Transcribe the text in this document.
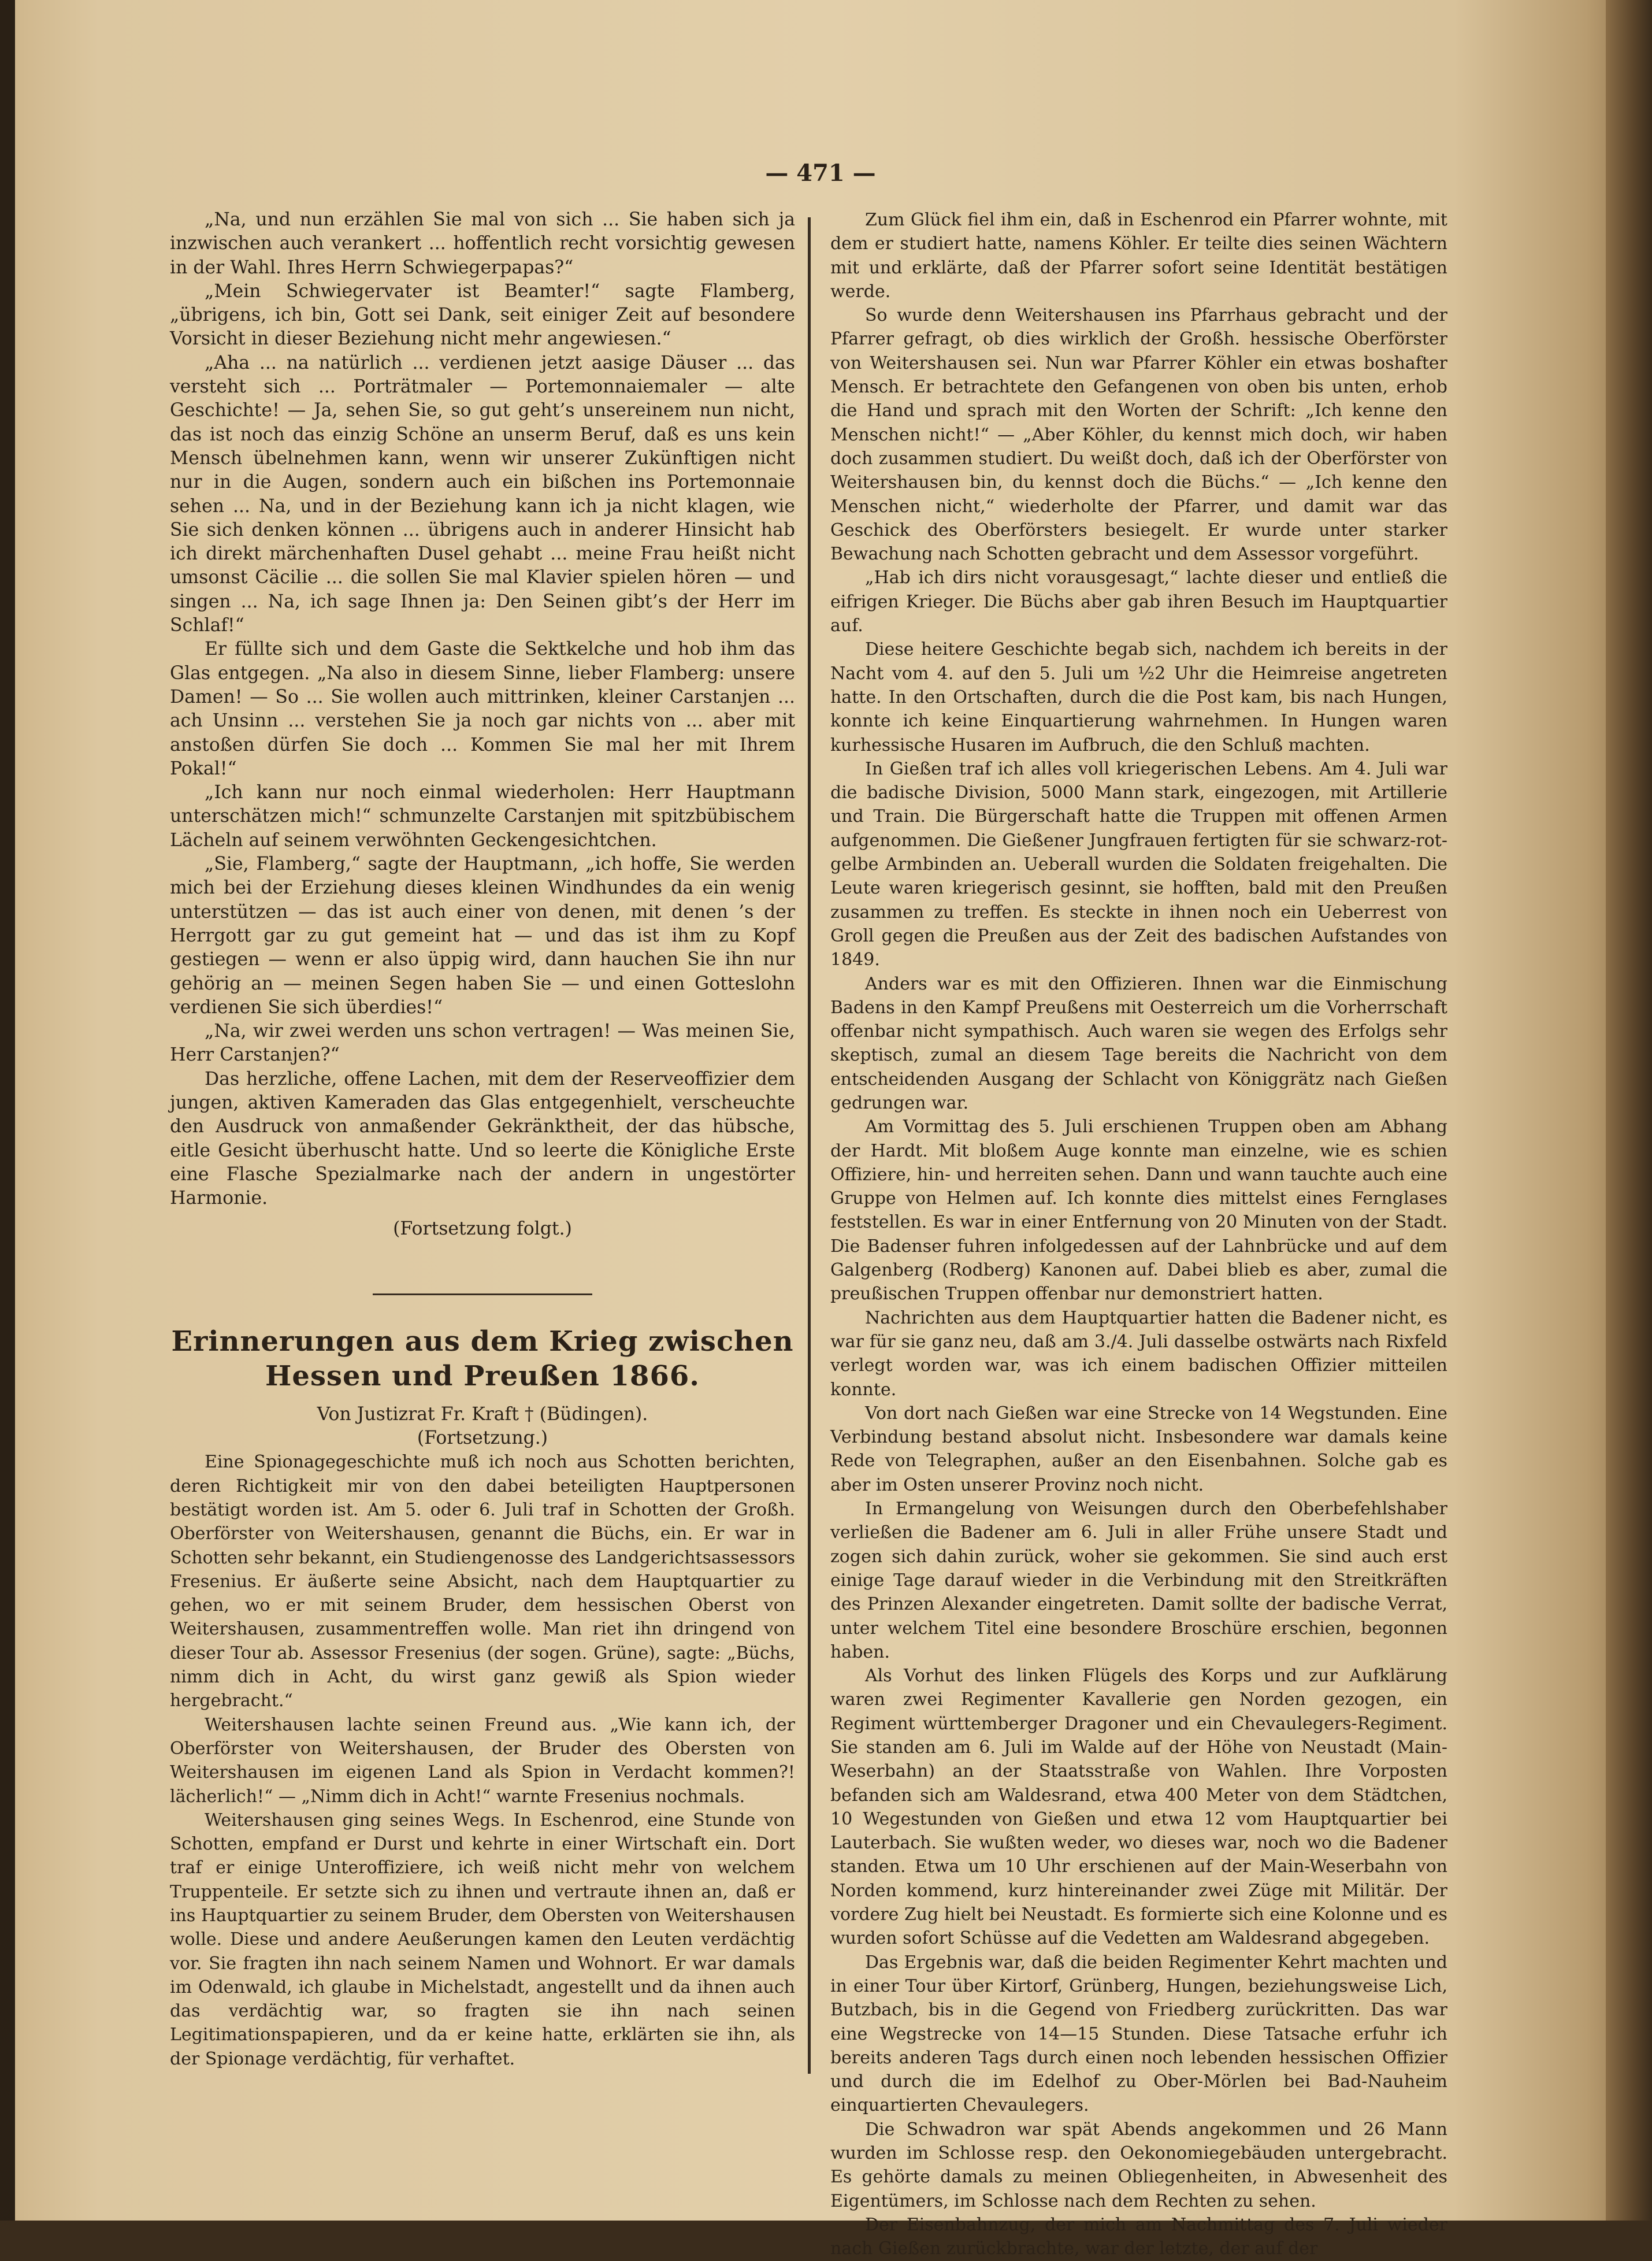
— 471 —

„Na, und nun erzählen Sie mal von sich ... Sie haben sich ja inzwischen auch verankert ... hoffentlich recht vorsichtig gewesen in der Wahl. Ihres Herrn Schwiegerpapas?“

„Mein Schwiegervater ist Beamter!“ sagte Flamberg, „übrigens, ich bin, Gott sei Dank, seit einiger Zeit auf besondere Vorsicht in dieser Beziehung nicht mehr angewiesen.“

„Aha ... na natürlich ... verdienen jetzt aasige Däuser ... das versteht sich ... Porträtmaler — Portemonnaiemaler — alte Geschichte! — Ja, sehen Sie, so gut geht’s unsereinem nun nicht, das ist noch das einzig Schöne an unserm Beruf, daß es uns kein Mensch übelnehmen kann, wenn wir unserer Zukünftigen nicht nur in die Augen, sondern auch ein bißchen ins Portemonnaie sehen ... Na, und in der Beziehung kann ich ja nicht klagen, wie Sie sich denken können ... übrigens auch in anderer Hinsicht hab ich direkt märchenhaften Dusel gehabt ... meine Frau heißt nicht umsonst Cäcilie ... die sollen Sie mal Klavier spielen hören — und singen ... Na, ich sage Ihnen ja: Den Seinen gibt’s der Herr im Schlaf!“

Er füllte sich und dem Gaste die Sektkelche und hob ihm das Glas entgegen. „Na also in diesem Sinne, lieber Flamberg: unsere Damen! — So ... Sie wollen auch mittrinken, kleiner Carstanjen ... ach Unsinn ... verstehen Sie ja noch gar nichts von ... aber mit anstoßen dürfen Sie doch ... Kommen Sie mal her mit Ihrem Pokal!“

„Ich kann nur noch einmal wiederholen: Herr Hauptmann unterschätzen mich!“ schmunzelte Carstanjen mit spitzbübischem Lächeln auf seinem verwöhnten Geckengesichtchen.

„Sie, Flamberg,“ sagte der Hauptmann, „ich hoffe, Sie werden mich bei der Erziehung dieses kleinen Windhundes da ein wenig unterstützen — das ist auch einer von denen, mit denen ’s der Herrgott gar zu gut gemeint hat — und das ist ihm zu Kopf gestiegen — wenn er also üppig wird, dann hauchen Sie ihn nur gehörig an — meinen Segen haben Sie — und einen Gotteslohn verdienen Sie sich überdies!“

„Na, wir zwei werden uns schon vertragen! — Was meinen Sie, Herr Carstanjen?“

Das herzliche, offene Lachen, mit dem der Reserveoffizier dem jungen, aktiven Kameraden das Glas entgegenhielt, verscheuchte den Ausdruck von anmaßender Gekränktheit, der das hübsche, eitle Gesicht überhuscht hatte. Und so leerte die Königliche Erste eine Flasche Spezialmarke nach der andern in ungestörter Harmonie.

(Fortsetzung folgt.)

Erinnerungen aus dem Krieg zwischen Hessen und Preußen 1866.

Von Justizrat Fr. Kraft † (Büdingen).

(Fortsetzung.)

Eine Spionagegeschichte muß ich noch aus Schotten berichten, deren Richtigkeit mir von den dabei beteiligten Hauptpersonen bestätigt worden ist. Am 5. oder 6. Juli traf in Schotten der Großh. Oberförster von Weitershausen, genannt die Büchs, ein. Er war in Schotten sehr bekannt, ein Studiengenosse des Landgerichtsassessors Fresenius. Er äußerte seine Absicht, nach dem Hauptquartier zu gehen, wo er mit seinem Bruder, dem hessischen Oberst von Weitershausen, zusammentreffen wolle. Man riet ihn dringend von dieser Tour ab. Assessor Fresenius (der sogen. Grüne), sagte: „Büchs, nimm dich in Acht, du wirst ganz gewiß als Spion wieder hergebracht.“

Weitershausen lachte seinen Freund aus. „Wie kann ich, der Oberförster von Weitershausen, der Bruder des Obersten von Weitershausen im eigenen Land als Spion in Verdacht kommen?! lächerlich!“ — „Nimm dich in Acht!“ warnte Fresenius nochmals.

Weitershausen ging seines Wegs. In Eschenrod, eine Stunde von Schotten, empfand er Durst und kehrte in einer Wirtschaft ein. Dort traf er einige Unteroffiziere, ich weiß nicht mehr von welchem Truppenteile. Er setzte sich zu ihnen und vertraute ihnen an, daß er ins Hauptquartier zu seinem Bruder, dem Obersten von Weitershausen wolle. Diese und andere Aeußerungen kamen den Leuten verdächtig vor. Sie fragten ihn nach seinem Namen und Wohnort. Er war damals im Odenwald, ich glaube in Michelstadt, angestellt und da ihnen auch das verdächtig war, so fragten sie ihn nach seinen Legitimationspapieren, und da er keine hatte, erklärten sie ihn, als der Spionage verdächtig, für verhaftet.

Zum Glück fiel ihm ein, daß in Eschenrod ein Pfarrer wohnte, mit dem er studiert hatte, namens Köhler. Er teilte dies seinen Wächtern mit und erklärte, daß der Pfarrer sofort seine Identität bestätigen werde.

So wurde denn Weitershausen ins Pfarrhaus gebracht und der Pfarrer gefragt, ob dies wirklich der Großh. hessische Oberförster von Weitershausen sei. Nun war Pfarrer Köhler ein etwas boshafter Mensch. Er betrachtete den Gefangenen von oben bis unten, erhob die Hand und sprach mit den Worten der Schrift: „Ich kenne den Menschen nicht!“ — „Aber Köhler, du kennst mich doch, wir haben doch zusammen studiert. Du weißt doch, daß ich der Oberförster von Weitershausen bin, du kennst doch die Büchs.“ — „Ich kenne den Menschen nicht,“ wiederholte der Pfarrer, und damit war das Geschick des Oberförsters besiegelt. Er wurde unter starker Bewachung nach Schotten gebracht und dem Assessor vorgeführt.

„Hab ich dirs nicht vorausgesagt,“ lachte dieser und entließ die eifrigen Krieger. Die Büchs aber gab ihren Besuch im Hauptquartier auf.

Diese heitere Geschichte begab sich, nachdem ich bereits in der Nacht vom 4. auf den 5. Juli um ½2 Uhr die Heimreise angetreten hatte. In den Ortschaften, durch die die Post kam, bis nach Hungen, konnte ich keine Einquartierung wahrnehmen. In Hungen waren kurhessische Husaren im Aufbruch, die den Schluß machten.

In Gießen traf ich alles voll kriegerischen Lebens. Am 4. Juli war die badische Division, 5000 Mann stark, eingezogen, mit Artillerie und Train. Die Bürgerschaft hatte die Truppen mit offenen Armen aufgenommen. Die Gießener Jungfrauen fertigten für sie schwarz-rot-gelbe Armbinden an. Ueberall wurden die Soldaten freigehalten. Die Leute waren kriegerisch gesinnt, sie hofften, bald mit den Preußen zusammen zu treffen. Es steckte in ihnen noch ein Ueberrest von Groll gegen die Preußen aus der Zeit des badischen Aufstandes von 1849.

Anders war es mit den Offizieren. Ihnen war die Einmischung Badens in den Kampf Preußens mit Oesterreich um die Vorherrschaft offenbar nicht sympathisch. Auch waren sie wegen des Erfolgs sehr skeptisch, zumal an diesem Tage bereits die Nachricht von dem entscheidenden Ausgang der Schlacht von Königgrätz nach Gießen gedrungen war.

Am Vormittag des 5. Juli erschienen Truppen oben am Abhang der Hardt. Mit bloßem Auge konnte man einzelne, wie es schien Offiziere, hin- und herreiten sehen. Dann und wann tauchte auch eine Gruppe von Helmen auf. Ich konnte dies mittelst eines Fernglases feststellen. Es war in einer Entfernung von 20 Minuten von der Stadt. Die Badenser fuhren infolgedessen auf der Lahnbrücke und auf dem Galgenberg (Rodberg) Kanonen auf. Dabei blieb es aber, zumal die preußischen Truppen offenbar nur demonstriert hatten.

Nachrichten aus dem Hauptquartier hatten die Badener nicht, es war für sie ganz neu, daß am 3./4. Juli dasselbe ostwärts nach Rixfeld verlegt worden war, was ich einem badischen Offizier mitteilen konnte.

Von dort nach Gießen war eine Strecke von 14 Wegstunden. Eine Verbindung bestand absolut nicht. Insbesondere war damals keine Rede von Telegraphen, außer an den Eisenbahnen. Solche gab es aber im Osten unserer Provinz noch nicht.

In Ermangelung von Weisungen durch den Oberbefehlshaber verließen die Badener am 6. Juli in aller Frühe unsere Stadt und zogen sich dahin zurück, woher sie gekommen. Sie sind auch erst einige Tage darauf wieder in die Verbindung mit den Streitkräften des Prinzen Alexander eingetreten. Damit sollte der badische Verrat, unter welchem Titel eine besondere Broschüre erschien, begonnen haben.

Als Vorhut des linken Flügels des Korps und zur Aufklärung waren zwei Regimenter Kavallerie gen Norden gezogen, ein Regiment württemberger Dragoner und ein Chevaulegers-Regiment. Sie standen am 6. Juli im Walde auf der Höhe von Neustadt (Main-Weserbahn) an der Staatsstraße von Wahlen. Ihre Vorposten befanden sich am Waldesrand, etwa 400 Meter von dem Städtchen, 10 Wegestunden von Gießen und etwa 12 vom Hauptquartier bei Lauterbach. Sie wußten weder, wo dieses war, noch wo die Badener standen. Etwa um 10 Uhr erschienen auf der Main-Weserbahn von Norden kommend, kurz hintereinander zwei Züge mit Militär. Der vordere Zug hielt bei Neustadt. Es formierte sich eine Kolonne und es wurden sofort Schüsse auf die Vedetten am Waldesrand abgegeben.

Das Ergebnis war, daß die beiden Regimenter Kehrt machten und in einer Tour über Kirtorf, Grünberg, Hungen, beziehungsweise Lich, Butzbach, bis in die Gegend von Friedberg zurückritten. Das war eine Wegstrecke von 14—15 Stunden. Diese Tatsache erfuhr ich bereits anderen Tags durch einen noch lebenden hessischen Offizier und durch die im Edelhof zu Ober-Mörlen bei Bad-Nauheim einquartierten Chevaulegers.

Die Schwadron war spät Abends angekommen und 26 Mann wurden im Schlosse resp. den Oekonomiegebäuden untergebracht. Es gehörte damals zu meinen Obliegenheiten, in Abwesenheit des Eigentümers, im Schlosse nach dem Rechten zu sehen.

Der Eisenbahnzug, der mich am Nachmittag des 7. Juli wieder nach Gießen zurückbrachte, war der letzte, der auf der
